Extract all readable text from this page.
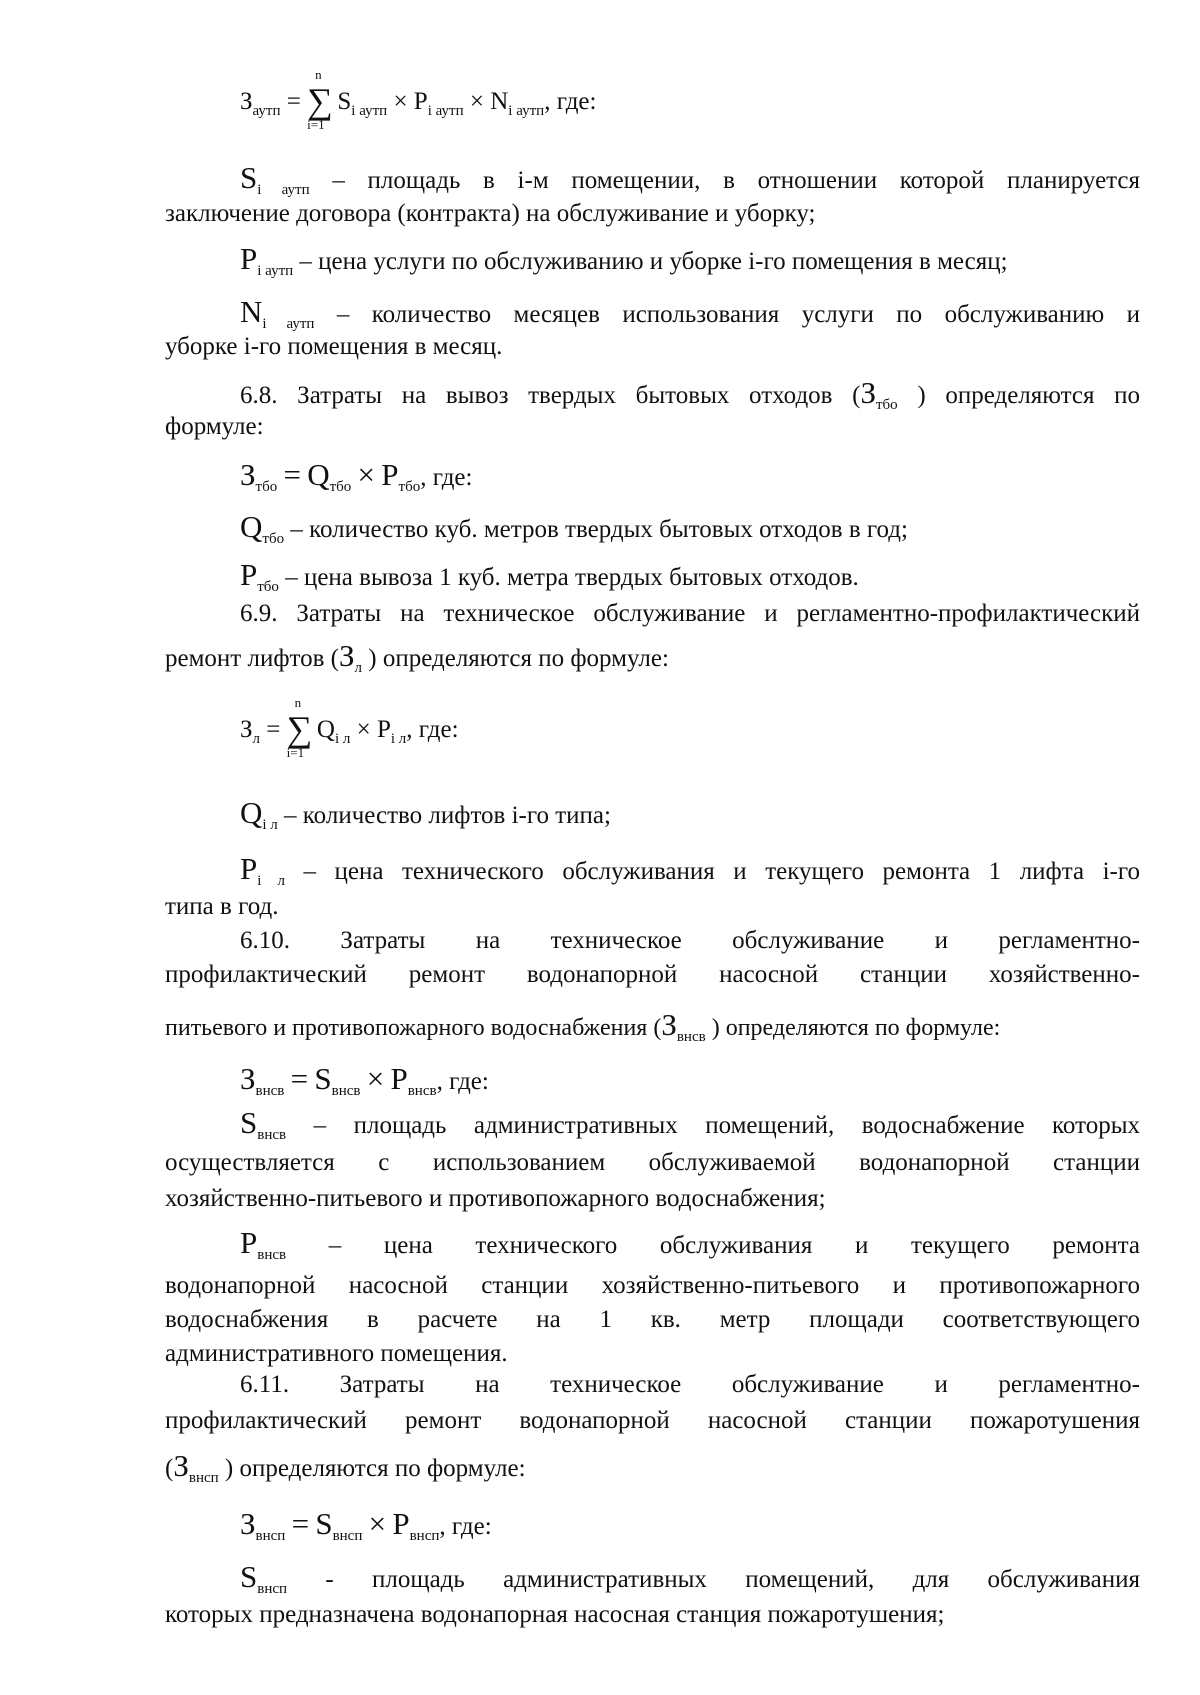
$З_{аутп}$ = ∑
n
i=1
$S_{i аутп} \times P_{i аутп} \times N_{i аутп}$, где:
$S_{i аутп}$ – площадь в i-м помещении, в отношении которой планируется
заключение договора (контракта) на обслуживание и уборку;
$P_{i аутп}$ – цена услуги по обслуживанию и уборке i-го помещения в месяц;
$N_{i аутп}$ – количество месяцев использования услуги по обслуживанию и
уборке i-го помещения в месяц.
6.8. Затраты на вывоз твердых бытовых отходов ($З_{тбо}$ ) определяются по
формуле:
$З_{тбо} = Q_{тбо} \times P_{тбо}$, где:
$Q_{тбо}$ – количество куб. метров твердых бытовых отходов в год;
$P_{тбо}$ – цена вывоза 1 куб. метра твердых бытовых отходов.
6.9. Затраты на техническое обслуживание и регламентно-профилактический
ремонт лифтов ($З_л$ ) определяются по формуле:
$З_л$ = ∑
n
i=1
$Q_{i л} \times P_{i л}$, где:
$Q_{i л}$ – количество лифтов i-го типа;
$P_{i л}$ – цена технического обслуживания и текущего ремонта 1 лифта i-го
типа в год.
6.10. Затраты на техническое обслуживание и регламентно-
профилактический ремонт водонапорной насосной станции хозяйственно-
питьевого и противопожарного водоснабжения ($З_{внсв}$ ) определяются по формуле:
$З_{внсв} = S_{внсв} \times P_{внсв}$, где:
$S_{внсв}$ – площадь административных помещений, водоснабжение которых
осуществляется с использованием обслуживаемой водонапорной станции
хозяйственно-питьевого и противопожарного водоснабжения;
$P_{внсв}$ – цена технического обслуживания и текущего ремонта
водонапорной насосной станции хозяйственно-питьевого и противопожарного
водоснабжения в расчете на 1 кв. метр площади соответствующего
административного помещения.
6.11. Затраты на техническое обслуживание и регламентно-
профилактический ремонт водонапорной насосной станции пожаротушения
($З_{внсп}$ ) определяются по формуле:
$З_{внсп} = S_{внсп} \times P_{внсп}$, где:
$S_{внсп}$ - площадь административных помещений, для обслуживания
которых предназначена водонапорная насосная станция пожаротушения;
